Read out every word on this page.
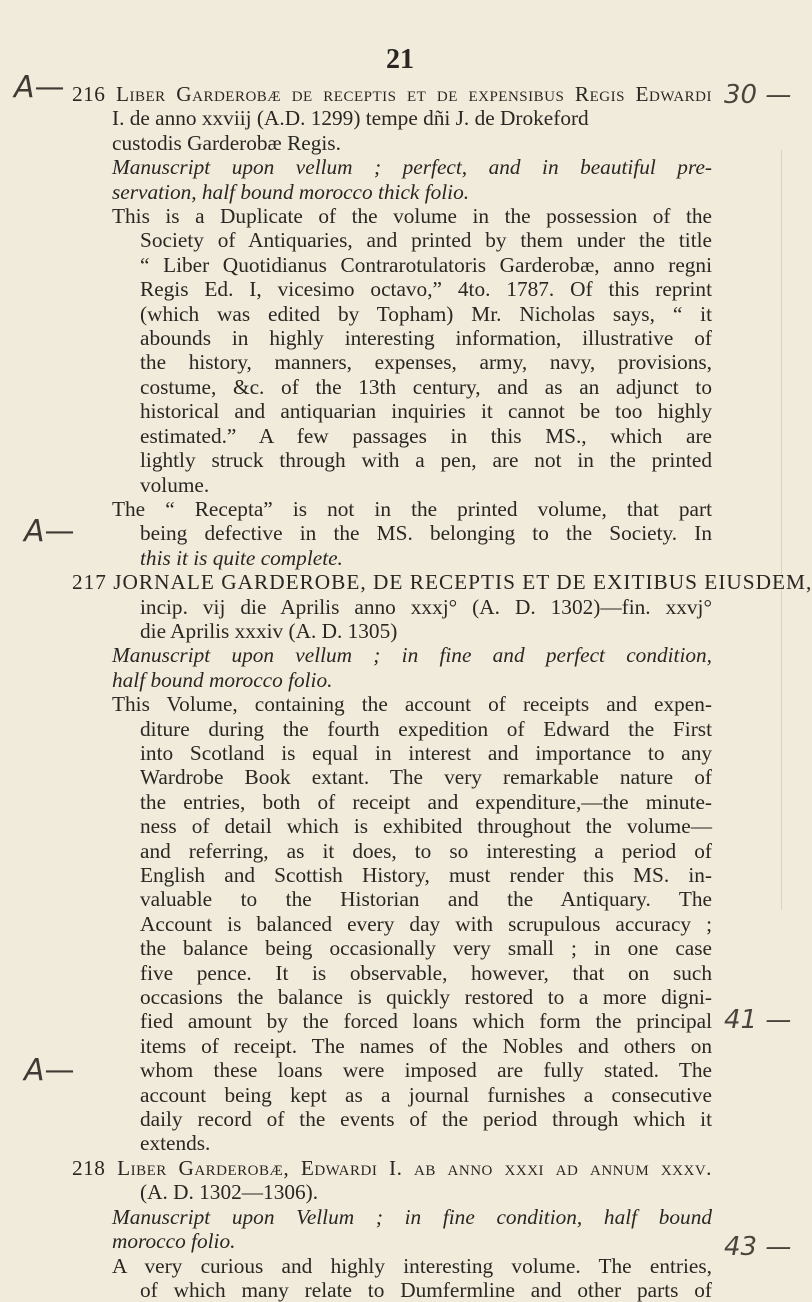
21
A—
A—
A—
30 —
41 —
43 —
216 Liber Garderobæ de receptis et de expensibus Regis Edwardi
I. de anno xxviij (A.D. 1299) tempe dñi J. de Drokeford
custodis Garderobæ Regis.
Manuscript upon vellum ; perfect, and in beautiful pre-
servation, half bound morocco thick folio.
This is a Duplicate of the volume in the possession of the
Society of Antiquaries, and printed by them under the title
“ Liber Quotidianus Contrarotulatoris Garderobæ, anno regni
Regis Ed. I, vicesimo octavo,” 4to. 1787. Of this reprint
(which was edited by Topham) Mr. Nicholas says, “ it
abounds in highly interesting information, illustrative of
the history, manners, expenses, army, navy, provisions,
costume, &c. of the 13th century, and as an adjunct to
historical and antiquarian inquiries it cannot be too highly
estimated.” A few passages in this MS., which are
lightly struck through with a pen, are not in the printed
volume.
The “ Recepta” is not in the printed volume, that part
being defective in the MS. belonging to the Society. In
this it is quite complete.
217 JORNALE GARDEROBE, DE RECEPTIS ET DE EXITIBUS EIUSDEM,
incip. vij die Aprilis anno xxxj° (A. D. 1302)—fin. xxvj°
die Aprilis xxxiv (A. D. 1305)
Manuscript upon vellum ; in fine and perfect condition,
half bound morocco folio.
This Volume, containing the account of receipts and expen-
diture during the fourth expedition of Edward the First
into Scotland is equal in interest and importance to any
Wardrobe Book extant. The very remarkable nature of
the entries, both of receipt and expenditure,—the minute-
ness of detail which is exhibited throughout the volume—
and referring, as it does, to so interesting a period of
English and Scottish History, must render this MS. in-
valuable to the Historian and the Antiquary. The
Account is balanced every day with scrupulous accuracy ;
the balance being occasionally very small ; in one case
five pence. It is observable, however, that on such
occasions the balance is quickly restored to a more digni-
fied amount by the forced loans which form the principal
items of receipt. The names of the Nobles and others on
whom these loans were imposed are fully stated. The
account being kept as a journal furnishes a consecutive
daily record of the events of the period through which it
extends.
218 Liber Garderobæ, Edwardi I. ab anno xxxi ad annum xxxv.
(A. D. 1302—1306).
Manuscript upon Vellum ; in fine condition, half bound
morocco folio.
A very curious and highly interesting volume. The entries,
of which many relate to Dumfermline and other parts of
